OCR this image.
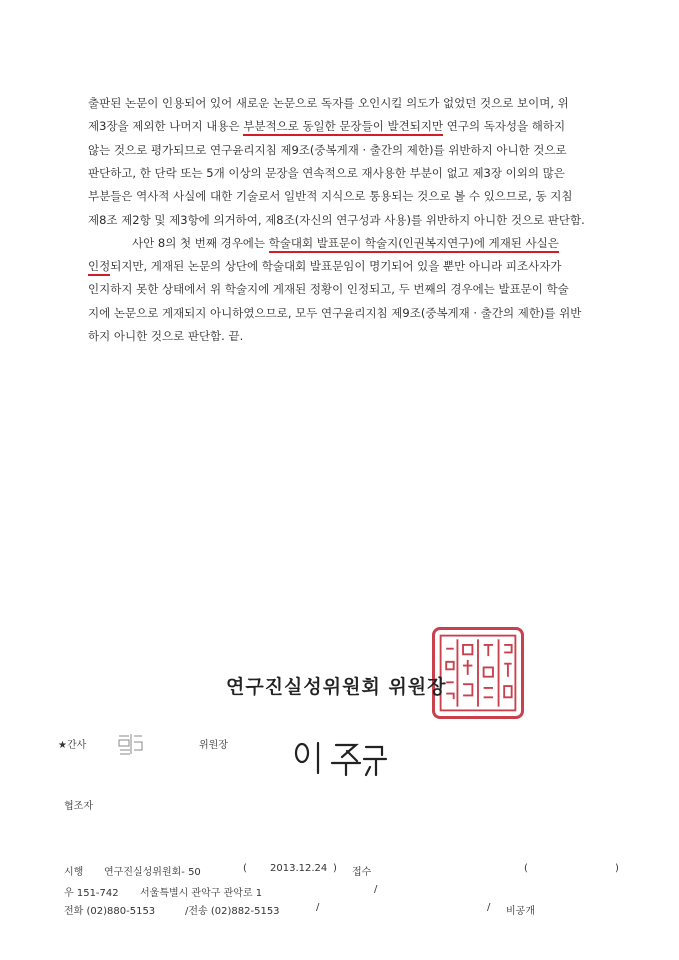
출판된 논문이 인용되어 있어 새로운 논문으로 독자를 오인시킬 의도가 없었던 것으로 보이며, 위
제3장을 제외한 나머지 내용은 부분적으로 동일한 문장들이 발견되지만 연구의 독자성을 해하지
않는 것으로 평가되므로 연구윤리지침 제9조(중복게재 · 출간의 제한)를 위반하지 아니한 것으로
판단하고, 한 단락 또는 5개 이상의 문장을 연속적으로 재사용한 부분이 없고 제3장 이외의 많은
부분들은 역사적 사실에 대한 기술로서 일반적 지식으로 통용되는 것으로 볼 수 있으므로, 동 지침
제8조 제2항 및 제3항에 의거하여, 제8조(자신의 연구성과 사용)를 위반하지 아니한 것으로 판단함.
사안 8의 첫 번째 경우에는 학술대회 발표문이 학술지(인권복지연구)에 게재된 사실은
인정되지만, 게재된 논문의 상단에 학술대회 발표문임이 명기되어 있을 뿐만 아니라 피조사자가
인지하지 못한 상태에서 위 학술지에 게재된 정황이 인정되고, 두 번째의 경우에는 발표문이 학술
지에 논문으로 게재되지 아니하였으므로, 모두 연구윤리지침 제9조(중복게재 · 출간의 제한)를 위반
하지 아니한 것으로 판단함. 끝.
연구진실성위원회 위원장
★간사	위원장
협조자
시행 연구진실성위원회- 50	( 2013.12.24 ) 접수	(	)
우 151-742 서울특별시 관악구 관악로 1	/
전화 (02)880-5153	/전송 (02)882-5153	/	/ 비공개
